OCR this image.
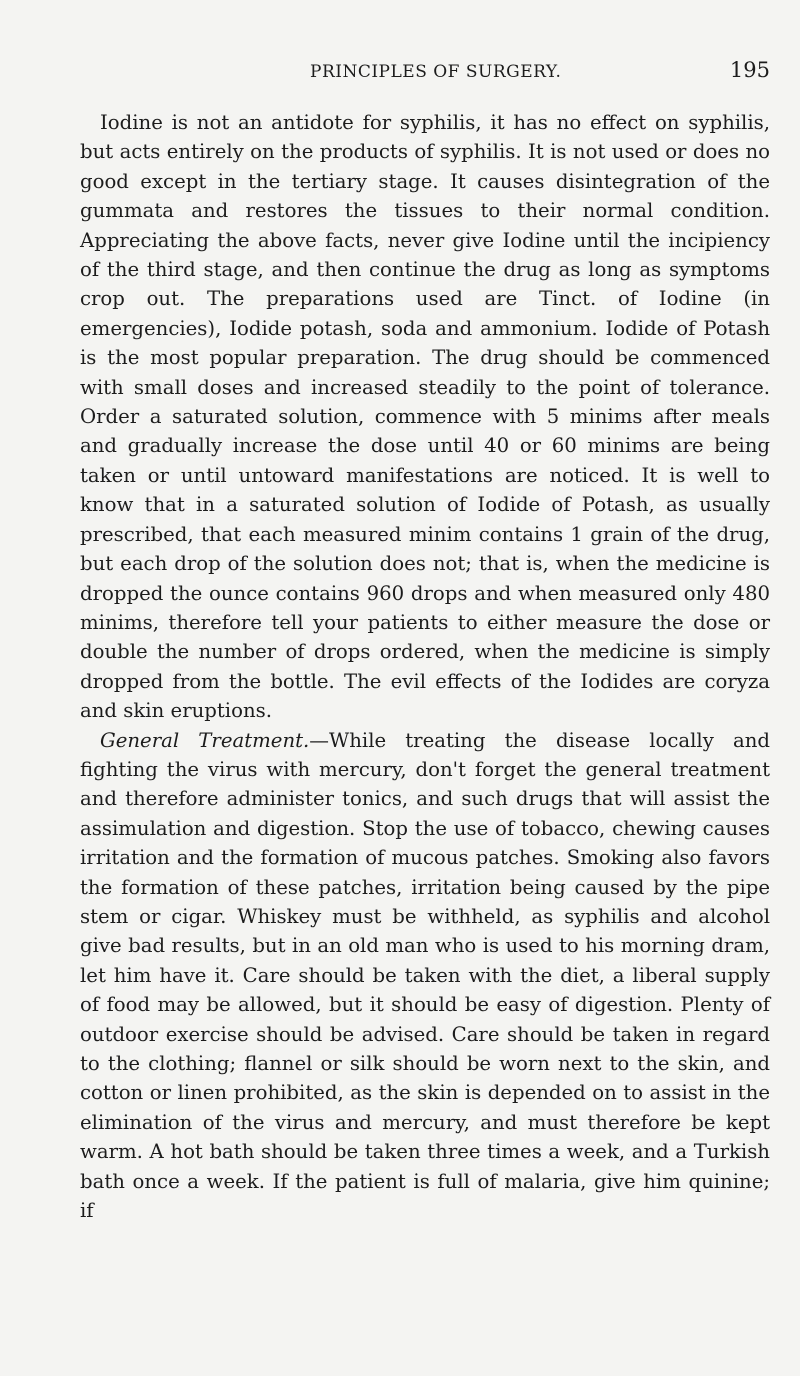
PRINCIPLES OF SURGERY.	195

Iodine is not an antidote for syphilis, it has no effect on syphilis, but acts entirely on the products of syphilis. It is not used or does no good except in the tertiary stage. It causes disintegration of the gummata and restores the tissues to their normal condition. Appreciating the above facts, never give Iodine until the incipiency of the third stage, and then continue the drug as long as symptoms crop out. The preparations used are Tinct. of Iodine (in emergencies), Iodide potash, soda and ammonium. Iodide of Potash is the most popular preparation. The drug should be commenced with small doses and increased steadily to the point of tolerance. Order a saturated solution, commence with 5 minims after meals and gradually increase the dose until 40 or 60 minims are being taken or until untoward manifestations are noticed. It is well to know that in a saturated solution of Iodide of Potash, as usually prescribed, that each measured minim contains 1 grain of the drug, but each drop of the solution does not; that is, when the medicine is dropped the ounce contains 960 drops and when measured only 480 minims, therefore tell your patients to either measure the dose or double the number of drops ordered, when the medicine is simply dropped from the bottle. The evil effects of the Iodides are coryza and skin eruptions.

General Treatment.—While treating the disease locally and fighting the virus with mercury, don't forget the general treatment and therefore administer tonics, and such drugs that will assist the assimulation and digestion. Stop the use of tobacco, chewing causes irritation and the formation of mucous patches. Smoking also favors the formation of these patches, irritation being caused by the pipe stem or cigar. Whiskey must be withheld, as syphilis and alcohol give bad results, but in an old man who is used to his morning dram, let him have it. Care should be taken with the diet, a liberal supply of food may be allowed, but it should be easy of digestion. Plenty of outdoor exercise should be advised. Care should be taken in regard to the clothing; flannel or silk should be worn next to the skin, and cotton or linen prohibited, as the skin is depended on to assist in the elimination of the virus and mercury, and must therefore be kept warm. A hot bath should be taken three times a week, and a Turkish bath once a week. If the patient is full of malaria, give him quinine; if
